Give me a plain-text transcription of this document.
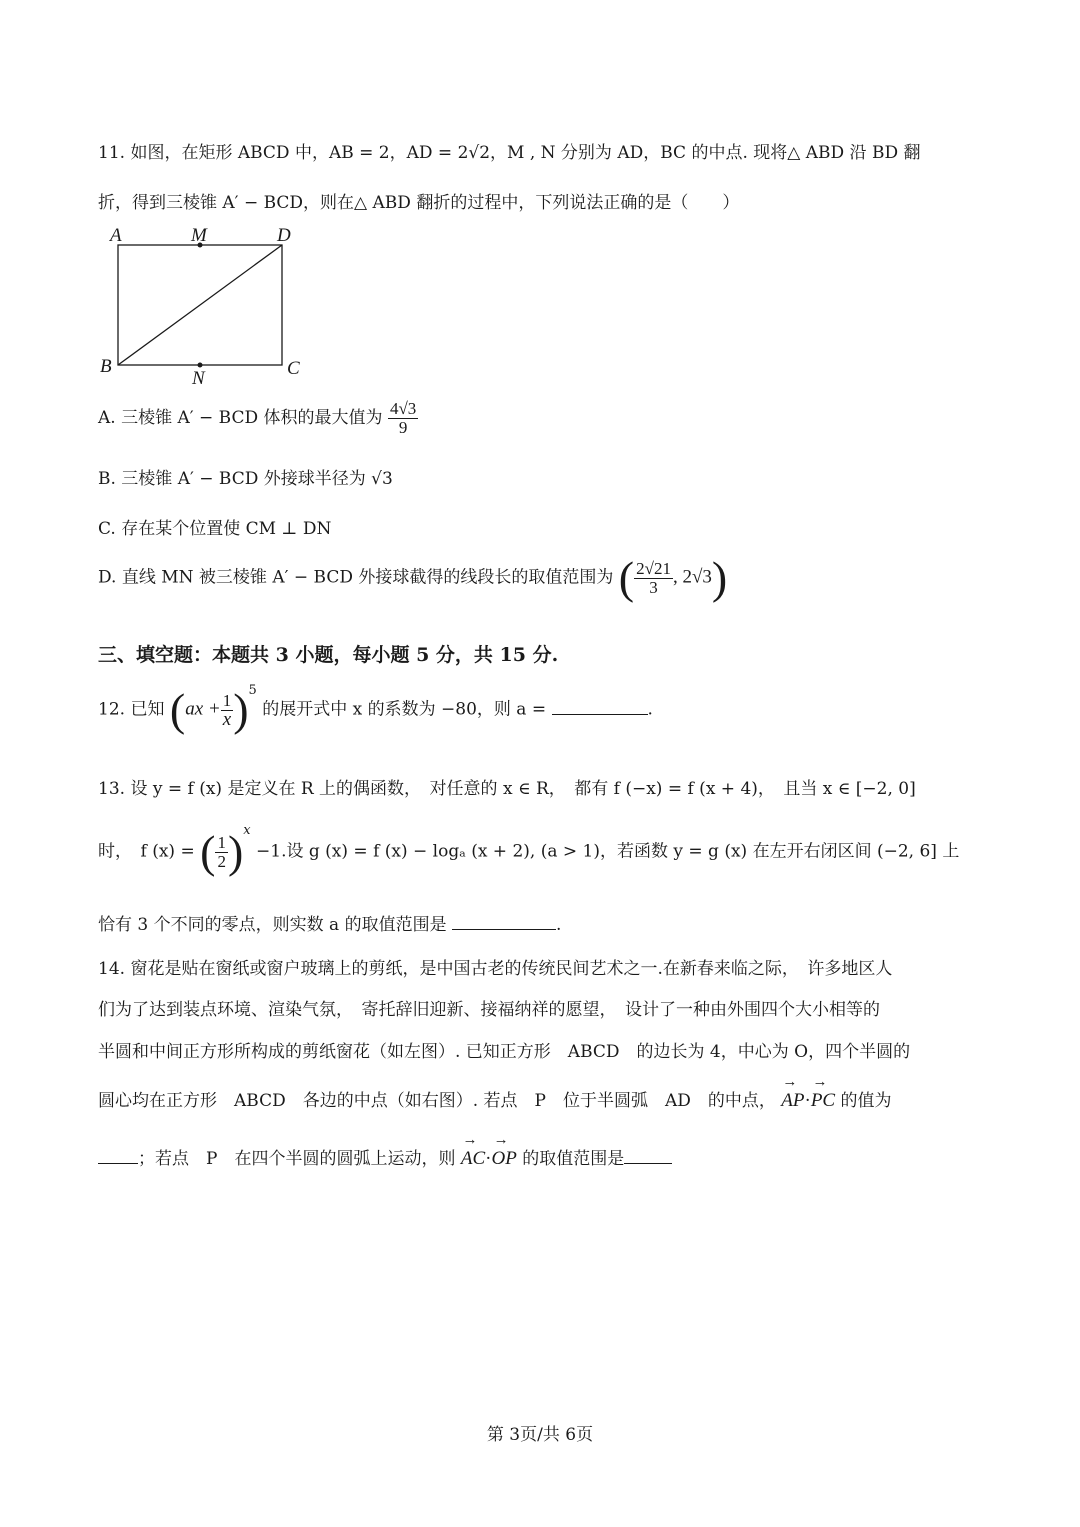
11. 如图，在矩形 ABCD 中，AB = 2，AD = 2√2，M , N 分别为 AD，BC 的中点. 现将△ ABD 沿 BD 翻
折，得到三棱锥 A′ − BCD，则在△ ABD 翻折的过程中，下列说法正确的是（　　）
A	M	D
B
N	C
A. 三棱锥 A′ − BCD 体积的最大值为 $\frac{4√3}{9}$
B. 三棱锥 A′ − BCD 外接球半径为 √3
C. 存在某个位置使 CM ⊥ DN
D. 直线 MN 被三棱锥 A′ − BCD 外接球截得的线段长的取值范围为 ( $\frac{2√21}{3}$ , 2√3)
三、填空题：本题共 3 小题，每小题 5 分，共 15 分.
12. 已知 $(ax + \frac{1}{x} )^5$ 的展开式中 x 的系数为 −80，则 a =	.
13. 设 y = f (x) 是定义在 R 上的偶函数，　对任意的 x ∈ R，　都有 f (−x) = f (x + 4)，　且当 x ∈ [−2, 0]
时，　f (x) = ( $\frac{1}{2} )^x -1$.设 g (x) = f (x) − logₐ (x + 2), (a > 1)，若函数 y = g (x) 在左开右闭区间 (−2, 6] 上
恰有 3 个不同的零点，则实数 a 的取值范围是	.
14. 窗花是贴在窗纸或窗户玻璃上的剪纸，是中国古老的传统民间艺术之一.在新春来临之际，　许多地区人
们为了达到装点环境、渲染气氛，　寄托辞旧迎新、接福纳祥的愿望，　设计了一种由外围四个大小相等的
半圆和中间正方形所构成的剪纸窗花（如左图）. 已知正方形　ABCD　的边长为 4，中心为 O，四个半圆的
圆心均在正方形　ABCD　各边的中点（如右图）. 若点　P　位于半圆弧　AD　的中点， → AP·→ PC 的值为
；若点　P　在四个半圆的圆弧上运动，则 → AC·→ OP 的取值范围是
第 3页/共 6页
